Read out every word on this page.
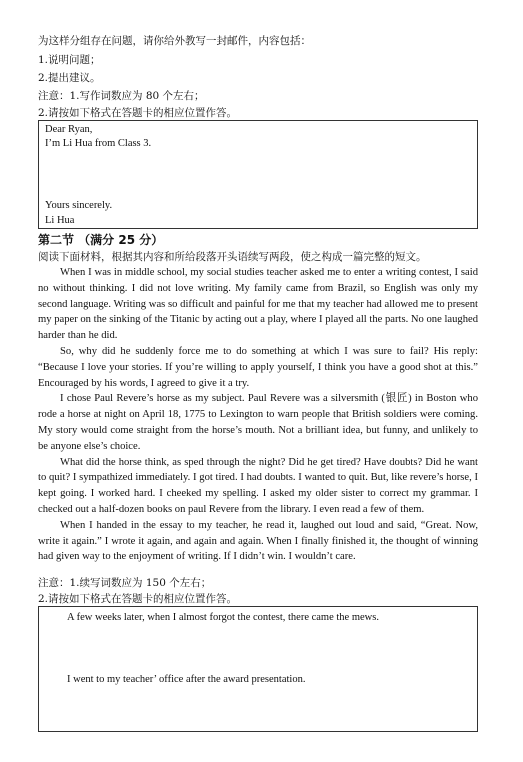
为这样分组存在问题，请你给外教写一封邮件，内容包括：
1.说明问题；
2.提出建议。
注意：1.写作词数应为 80 个左右；
2.请按如下格式在答题卡的相应位置作答。
Dear Ryan,
I’m Li Hua from Class 3.
Yours sincerely.
Li Hua
第二节 （满分 25 分）
阅读下面材料，根据其内容和所给段落开头语续写两段，使之构成一篇完整的短文。

When I was in middle school, my social studies teacher asked me to enter a writing contest, I said no without thinking. I did not love writing. My family came from Brazil, so English was only my second language. Writing was so difficult and painful for me that my teacher had allowed me to present my paper on the sinking of the Titanic by acting out a play, where I played all the parts. No one laughed harder than he did.

So, why did he suddenly force me to do something at which I was sure to fail? His reply: “Because I love your stories. If you’re willing to apply yourself, I think you have a good shot at this.” Encouraged by his words, I agreed to give it a try.

I chose Paul Revere’s horse as my subject. Paul Revere was a silversmith (银匠) in Boston who rode a horse at night on April 18, 1775 to Lexington to warn people that British soldiers were coming. My story would come straight from the horse’s mouth. Not a brilliant idea, but funny, and unlikely to be anyone else’s choice.

What did the horse think, as sped through the night? Did he get tired? Have doubts? Did he want to quit? I sympathized immediately. I got tired. I had doubts. I wanted to quit. But, like revere’s horse, I kept going. I worked hard. I cheeked my spelling. I asked my older sister to correct my grammar. I checked out a half-dozen books on paul Revere from the library. I even read a few of them.

When I handed in the essay to my teacher, he read it, laughed out loud and said, “Great. Now, write it again.” I wrote it again, and again and again. When I finally finished it, the thought of winning had given way to the enjoyment of writing. If I didn’t win. I wouldn’t care.

注意：1.续写词数应为 150 个左右；
2.请按如下格式在答题卡的相应位置作答。
A few weeks later, when I almost forgot the contest, there came the mews.
I went to my teacher’ office after the award presentation.
